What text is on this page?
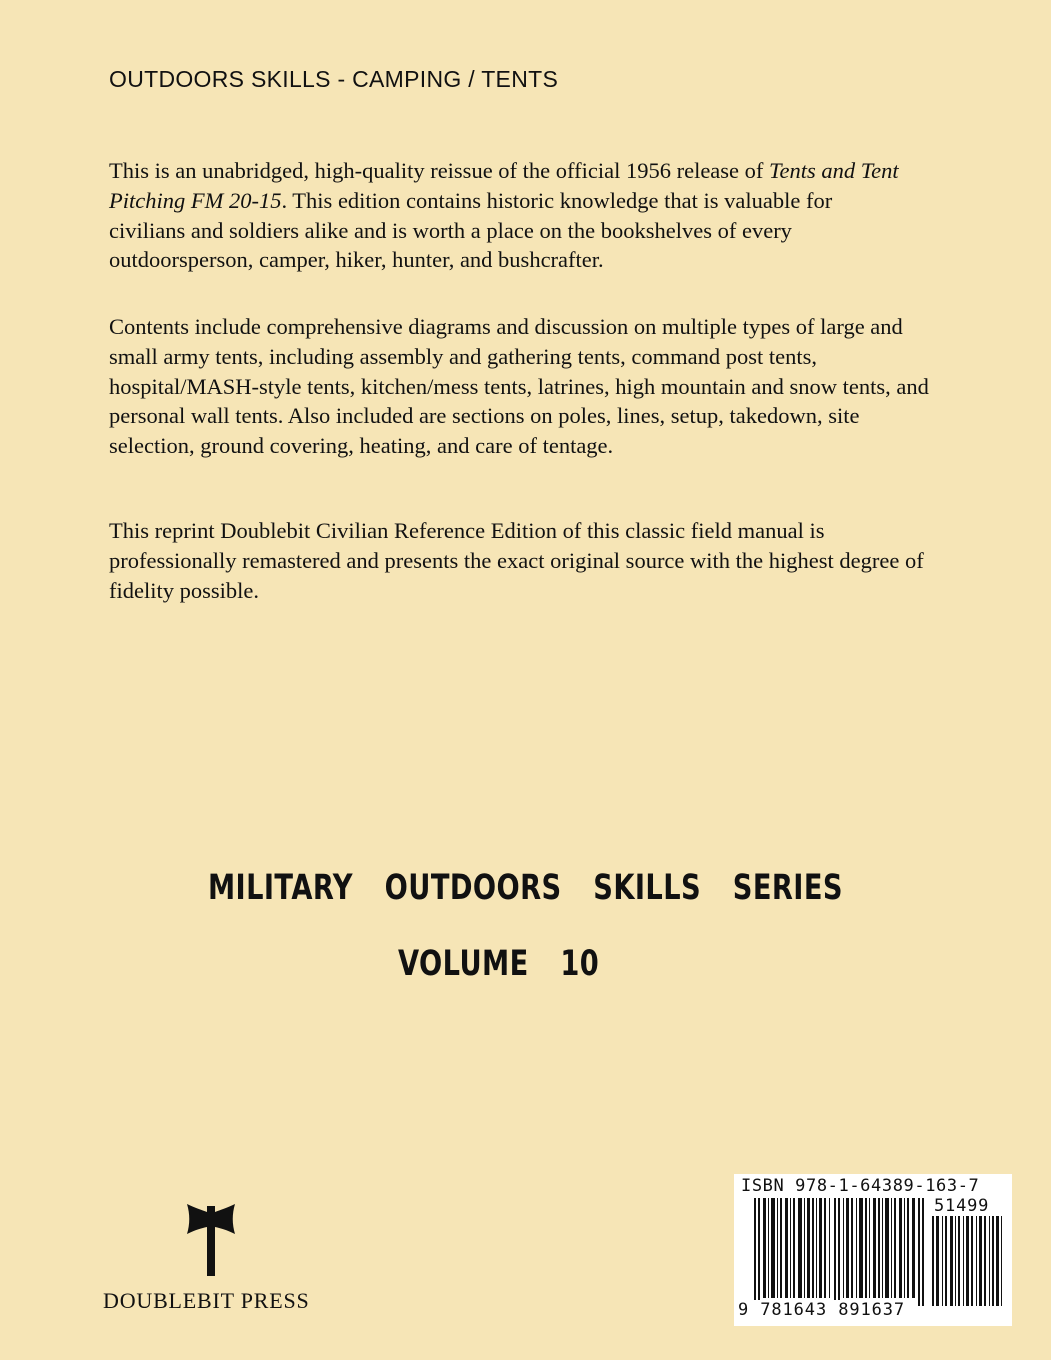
OUTDOORS SKILLS - CAMPING / TENTS

This is an unabridged, high-quality reissue of the official 1956 release of Tents and Tent Pitching FM 20-15. This edition contains historic knowledge that is valuable for civilians and soldiers alike and is worth a place on the bookshelves of every outdoorsperson, camper, hiker, hunter, and bushcrafter.

Contents include comprehensive diagrams and discussion on multiple types of large and small army tents, including assembly and gathering tents, command post tents, hospital/MASH-style tents, kitchen/mess tents, latrines, high mountain and snow tents, and personal wall tents. Also included are sections on poles, lines, setup, takedown, site selection, ground covering, heating, and care of tentage.

This reprint Doublebit Civilian Reference Edition of this classic field manual is professionally remastered and presents the exact original source with the highest degree of fidelity possible.

MILITARY OUTDOORS SKILLS SERIES
VOLUME 10
DOUBLEBIT PRESS
ISBN 978-1-64389-163-7
51499
9 781643 891637
